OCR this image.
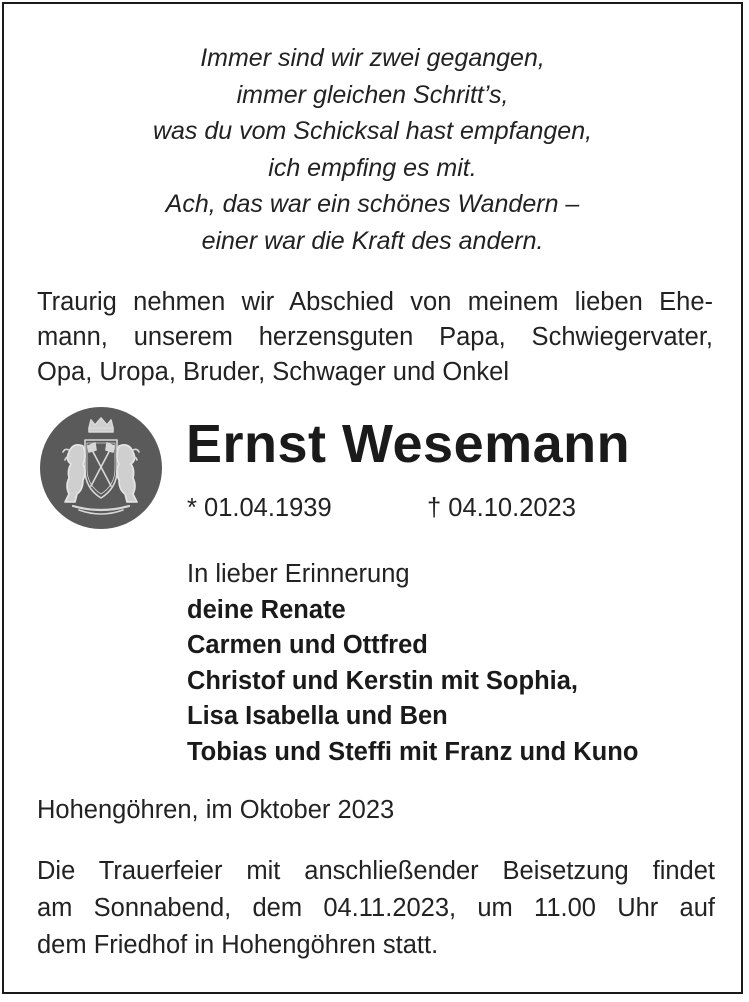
Immer sind wir zwei gegangen,
immer gleichen Schritt’s,
was du vom Schicksal hast empfangen,
ich empfing es mit.
Ach, das war ein schönes Wandern –
einer war die Kraft des andern.
Traurig nehmen wir Abschied von meinem lieben Ehe-
mann, unserem herzensguten Papa, Schwiegervater,
Opa, Uropa, Bruder, Schwager und Onkel
Ernst Wesemann
* 01.04.1939	† 04.10.2023
In lieber Erinnerung
deine Renate
Carmen und Ottfred
Christof und Kerstin mit Sophia,
Lisa Isabella und Ben
Tobias und Steffi mit Franz und Kuno
Hohengöhren, im Oktober 2023
Die Trauerfeier mit anschließender Beisetzung findet
am Sonnabend, dem 04.11.2023, um 11.00 Uhr auf
dem Friedhof in Hohengöhren statt.
